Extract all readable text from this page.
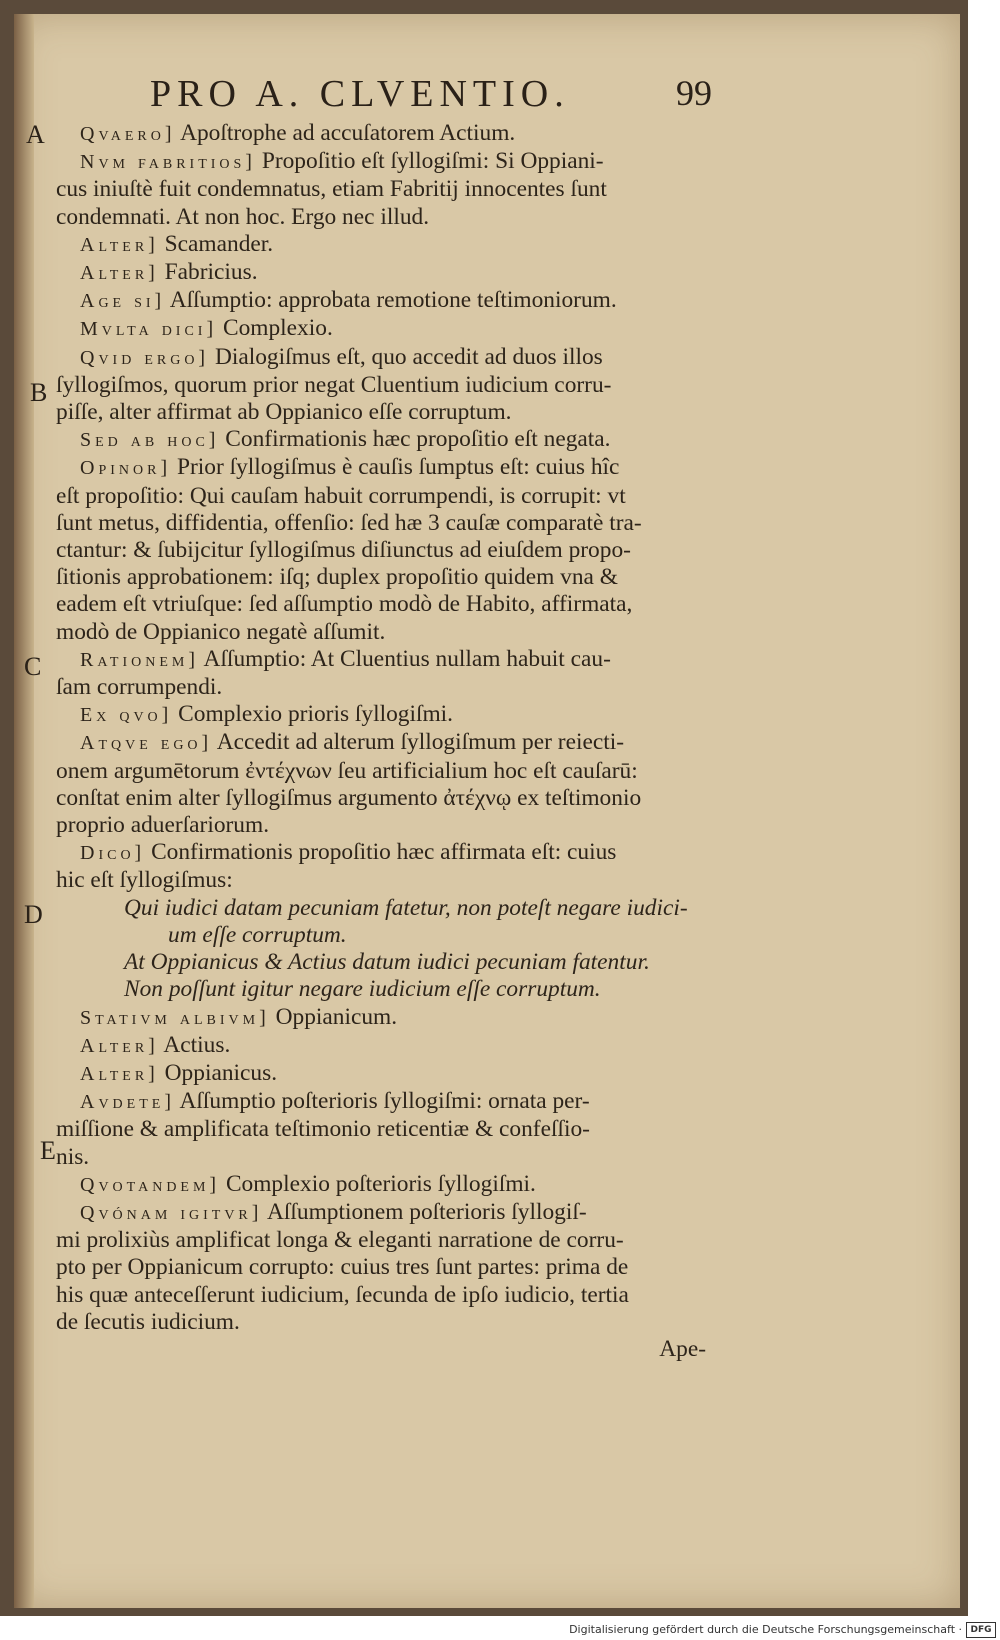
PRO A. CLVENTIO.	99
A
B
C
D
E

Qvaero] Apoſtrophe ad accuſatorem Actium.

Nvm fabritios] Propoſitio eſt ſyllogiſmi: Si Oppiani-

cus iniuſtè fuit condemnatus, etiam Fabritij innocentes ſunt

condemnati. At non hoc. Ergo nec illud.

Alter] Scamander.

Alter] Fabricius.

Age si] Aſſumptio: approbata remotione teſtimoniorum.

Mvlta dici] Complexio.

Qvid ergo] Dialogiſmus eſt, quo accedit ad duos illos

ſyllogiſmos, quorum prior negat Cluentium iudicium corru-

piſſe, alter affirmat ab Oppianico eſſe corruptum.

Sed ab hoc] Confirmationis hæc propoſitio eſt negata.

Opinor] Prior ſyllogiſmus è cauſis ſumptus eſt: cuius hîc

eſt propoſitio: Qui cauſam habuit corrumpendi, is corrupit: vt

ſunt metus, diffidentia, offenſio: ſed hæ 3 cauſæ comparatè tra-

ctantur: & ſubijcitur ſyllogiſmus diſiunctus ad eiuſdem propo-

ſitionis approbationem: iſq; duplex propoſitio quidem vna &

eadem eſt vtriuſque: ſed aſſumptio modò de Habito, affirmata,

modò de Oppianico negatè aſſumit.

Rationem] Aſſumptio: At Cluentius nullam habuit cau-

ſam corrumpendi.

Ex qvo] Complexio prioris ſyllogiſmi.

Atqve ego] Accedit ad alterum ſyllogiſmum per reiecti-

onem argumētorum ἐντέχνων ſeu artificialium hoc eſt cauſarū:

conſtat enim alter ſyllogiſmus argumento ἀτέχνῳ ex teſtimonio

proprio aduerſariorum.

Dico] Confirmationis propoſitio hæc affirmata eſt: cuius

hic eſt ſyllogiſmus:

Qui iudici datam pecuniam fatetur, non poteſt negare iudici-

um eſſe corruptum.

At Oppianicus & Actius datum iudici pecuniam fatentur.

Non poſſunt igitur negare iudicium eſſe corruptum.

Stativm albivm] Oppianicum.

Alter] Actius.

Alter] Oppianicus.

Avdete] Aſſumptio poſterioris ſyllogiſmi: ornata per-

miſſione & amplificata teſtimonio reticentiæ & confeſſio-

nis.

Qvotandem] Complexio poſterioris ſyllogiſmi.

Qvónam igitvr] Aſſumptionem poſterioris ſyllogiſ-

mi prolixiùs amplificat longa & eleganti narratione de corru-

pto per Oppianicum corrupto: cuius tres ſunt partes: prima de

his quæ anteceſſerunt iudicium, ſecunda de ipſo iudicio, tertia

de ſecutis iudicium.

Ape-

Digitalisierung gefördert durch die Deutsche Forschungsgemeinschaft · DFG
